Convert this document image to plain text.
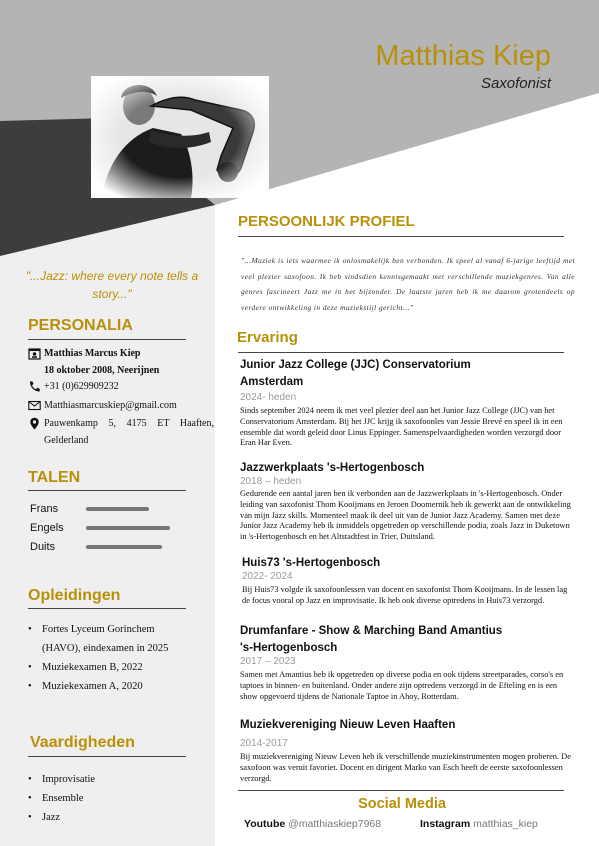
Matthias Kiep
Saxofonist
"...Jazz: where every note tells a story..."
PERSONALIA
Matthias Marcus Kiep
18 oktober 2008, Neerijnen
+31 (0)629909232
Matthiasmarcuskiep@gmail.com
Pauwenkamp 5, 4175 ET Haaften, Gelderland
TALEN
Frans
Engels
Duits
Opleidingen
• Fortes Lyceum Gorinchem (HAVO), eindexamen in 2025
• Muziekexamen B, 2022
• Muziekexamen A, 2020
Vaardigheden
• Improvisatie
• Ensemble
• Jazz
PERSOONLIJK PROFIEL
"...Muziek is iets waarmee ik onlosmakelijk ben verbonden. Ik speel al vanaf 6-jarige leeftijd met veel plezier saxofoon. Ik heb sindsdien kennisgemaakt met verschillende muziekgenres. Van alle genres fascineert Jazz me in het bijzonder. De laatste jaren heb ik me daarom grotendeels op verdere ontwikkeling in deze muziekstijl gericht..."
Ervaring
Junior Jazz College (JJC) Conservatorium Amsterdam
2024- heden
Sinds september 2024 neem ik met veel plezier deel aan het Junior Jazz College (JJC) van het Conservatorium Amsterdam. Bij het JJC krijg ik saxofoonles van Jessie Brevé en speel ik in een ensemble dat wordt geleid door Linus Eppinger. Samenspelvaardigheden worden verzorgd door Eran Har Even.
Jazzwerkplaats 's-Hertogenbosch
2018 – heden
Gedurende een aantal jaren ben ik verbonden aan de Jazzwerkplaats in 's-Hertogenbosch. Onder leiding van saxofonist Thom Kooijmans en Jeroen Doomernik heb ik gewerkt aan de ontwikkeling van mijn Jazz skills. Momenteel maak ik deel uit van de Junior Jazz Academy. Samen met deze Junior Jazz Academy heb ik inmiddels opgetreden op verschillende podia, zoals Jazz in Duketown in 's-Hertogenbosch en het Altstadtfest in Trier, Duitsland.
Huis73 's-Hertogenbosch
2022- 2024
Bij Huis73 volgde ik saxofoonlessen van docent en saxofonist Thom Kooijmans. In de lessen lag de focus vooral op Jazz en improvisatie. Ik heb ook diverse optredens in Huis73 verzorgd.
Drumfanfare - Show & Marching Band Amantius 's-Hertogenbosch
2017 – 2023
Samen met Amantius heb ik opgetreden op diverse podia en ook tijdens streetparades, corso's en taptoes in binnen- en buitenland. Onder andere zijn optredens verzorgd in de Efteling en is een show opgevoerd tijdens de Nationale Taptoe in Ahoy, Rotterdam.
Muziekvereniging Nieuw Leven Haaften
2014-2017
Bij muziekvereniging Nieuw Leven heb ik verschillende muziekinstrumenten mogen proberen. De saxofoon was veruit favoriet. Docent en dirigent Marko van Esch heeft de eerste saxofoonlessen verzorgd.
Social Media
Youtube @matthiaskiep7968	Instagram matthias_kiep
